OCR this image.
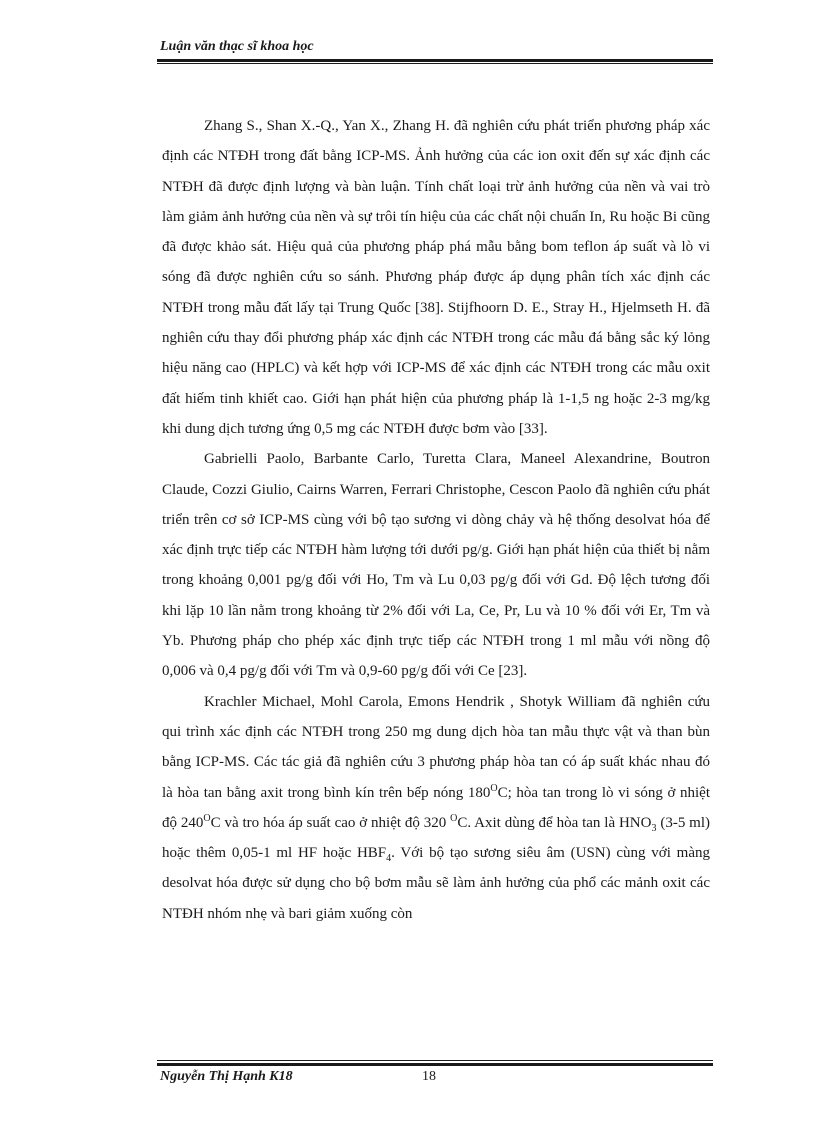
Luận văn thạc sĩ khoa học

Zhang S., Shan X.-Q., Yan X., Zhang H. đã nghiên cứu phát triển phương pháp xác định các NTĐH trong đất bằng ICP-MS. Ảnh hưởng của các ion oxit đến sự xác định các NTĐH đã được định lượng và bàn luận. Tính chất loại trừ ảnh hưởng của nền và vai trò làm giảm ảnh hưởng của nền và sự trôi tín hiệu của các chất nội chuẩn In, Ru hoặc Bi cũng đã được khảo sát. Hiệu quả của phương pháp phá mẫu bằng bom teflon áp suất và lò vi sóng đã được nghiên cứu so sánh. Phương pháp được áp dụng phân tích xác định các NTĐH trong mẫu đất lấy tại Trung Quốc [38]. Stijfhoorn D. E., Stray H., Hjelmseth H. đã nghiên cứu thay đổi phương pháp xác định các NTĐH trong các mẫu đá bằng sắc ký lỏng hiệu năng cao (HPLC) và kết hợp với ICP-MS để xác định các NTĐH trong các mẫu oxit đất hiếm tinh khiết cao. Giới hạn phát hiện của phương pháp là 1-1,5 ng hoặc 2-3 mg/kg khi dung dịch tương ứng 0,5 mg các NTĐH được bơm vào [33].

Gabrielli Paolo, Barbante Carlo, Turetta Clara, Maneel Alexandrine, Boutron Claude, Cozzi Giulio, Cairns Warren, Ferrari Christophe, Cescon Paolo đã nghiên cứu phát triển trên cơ sở ICP-MS cùng với bộ tạo sương vi dòng chảy và hệ thống desolvat hóa để xác định trực tiếp các NTĐH hàm lượng tới dưới pg/g. Giới hạn phát hiện của thiết bị nằm trong khoảng 0,001 pg/g đối với Ho, Tm và Lu 0,03 pg/g đối với Gd. Độ lệch tương đối khi lặp 10 lần nằm trong khoảng từ 2% đối với La, Ce, Pr, Lu và 10 % đối với Er, Tm và Yb. Phương pháp cho phép xác định trực tiếp các NTĐH trong 1 ml mẫu với nồng độ 0,006 và 0,4 pg/g đối với Tm và 0,9-60 pg/g đối với Ce [23].

Krachler Michael, Mohl Carola, Emons Hendrik , Shotyk William đã nghiên cứu qui trình xác định các NTĐH trong 250 mg dung dịch hòa tan mẫu thực vật và than bùn bằng ICP-MS. Các tác giả đã nghiên cứu 3 phương pháp hòa tan có áp suất khác nhau đó là hòa tan bằng axit trong bình kín trên bếp nóng $180^OC$; hòa tan trong lò vi sóng ở nhiệt độ $240^OC$ và tro hóa áp suất cao ở nhiệt độ 320 $^O$C. Axit dùng để hòa tan là $HNO_3$ (3-5 ml) hoặc thêm 0,05-1 ml HF hoặc $HBF_4$. Với bộ tạo sương siêu âm (USN) cùng với màng desolvat hóa được sử dụng cho bộ bơm mẫu sẽ làm ảnh hưởng của phổ các mảnh oxit các NTĐH nhóm nhẹ và bari giảm xuống còn

Nguyễn Thị Hạnh K18	18
